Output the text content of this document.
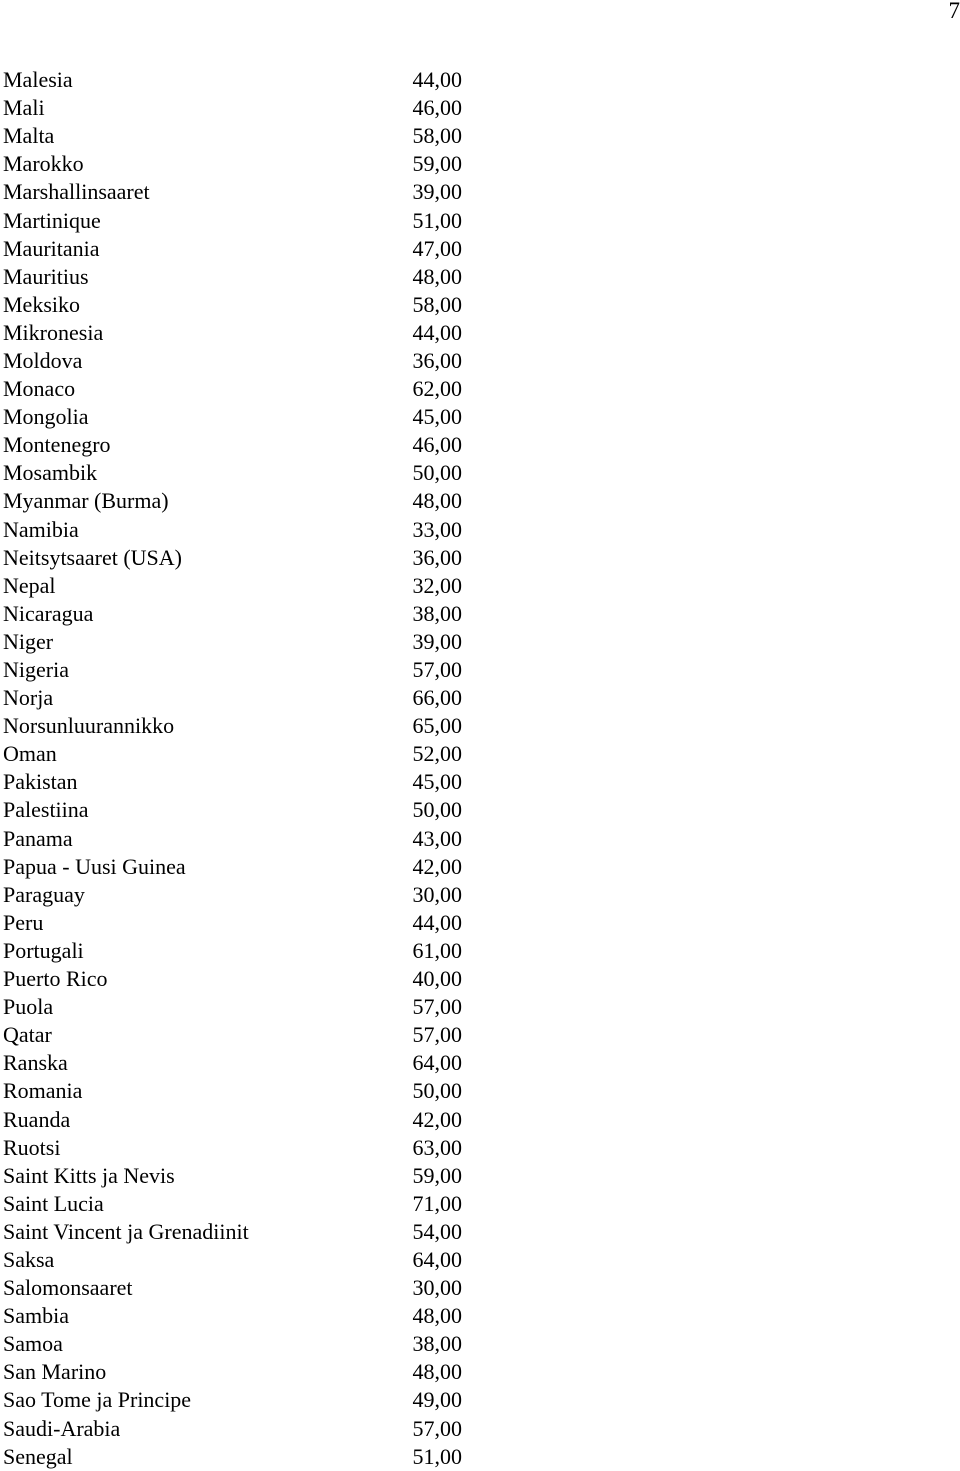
7
Malesia	44,00
Mali	46,00
Malta	58,00
Marokko	59,00
Marshallinsaaret	39,00
Martinique	51,00
Mauritania	47,00
Mauritius	48,00
Meksiko	58,00
Mikronesia	44,00
Moldova	36,00
Monaco	62,00
Mongolia	45,00
Montenegro	46,00
Mosambik	50,00
Myanmar (Burma)	48,00
Namibia	33,00
Neitsytsaaret (USA)	36,00
Nepal	32,00
Nicaragua	38,00
Niger	39,00
Nigeria	57,00
Norja	66,00
Norsunluurannikko	65,00
Oman	52,00
Pakistan	45,00
Palestiina	50,00
Panama	43,00
Papua - Uusi Guinea	42,00
Paraguay	30,00
Peru	44,00
Portugali	61,00
Puerto Rico	40,00
Puola	57,00
Qatar	57,00
Ranska	64,00
Romania	50,00
Ruanda	42,00
Ruotsi	63,00
Saint Kitts ja Nevis	59,00
Saint Lucia	71,00
Saint Vincent ja Grenadiinit	54,00
Saksa	64,00
Salomonsaaret	30,00
Sambia	48,00
Samoa	38,00
San Marino	48,00
Sao Tome ja Principe	49,00
Saudi-Arabia	57,00
Senegal	51,00
